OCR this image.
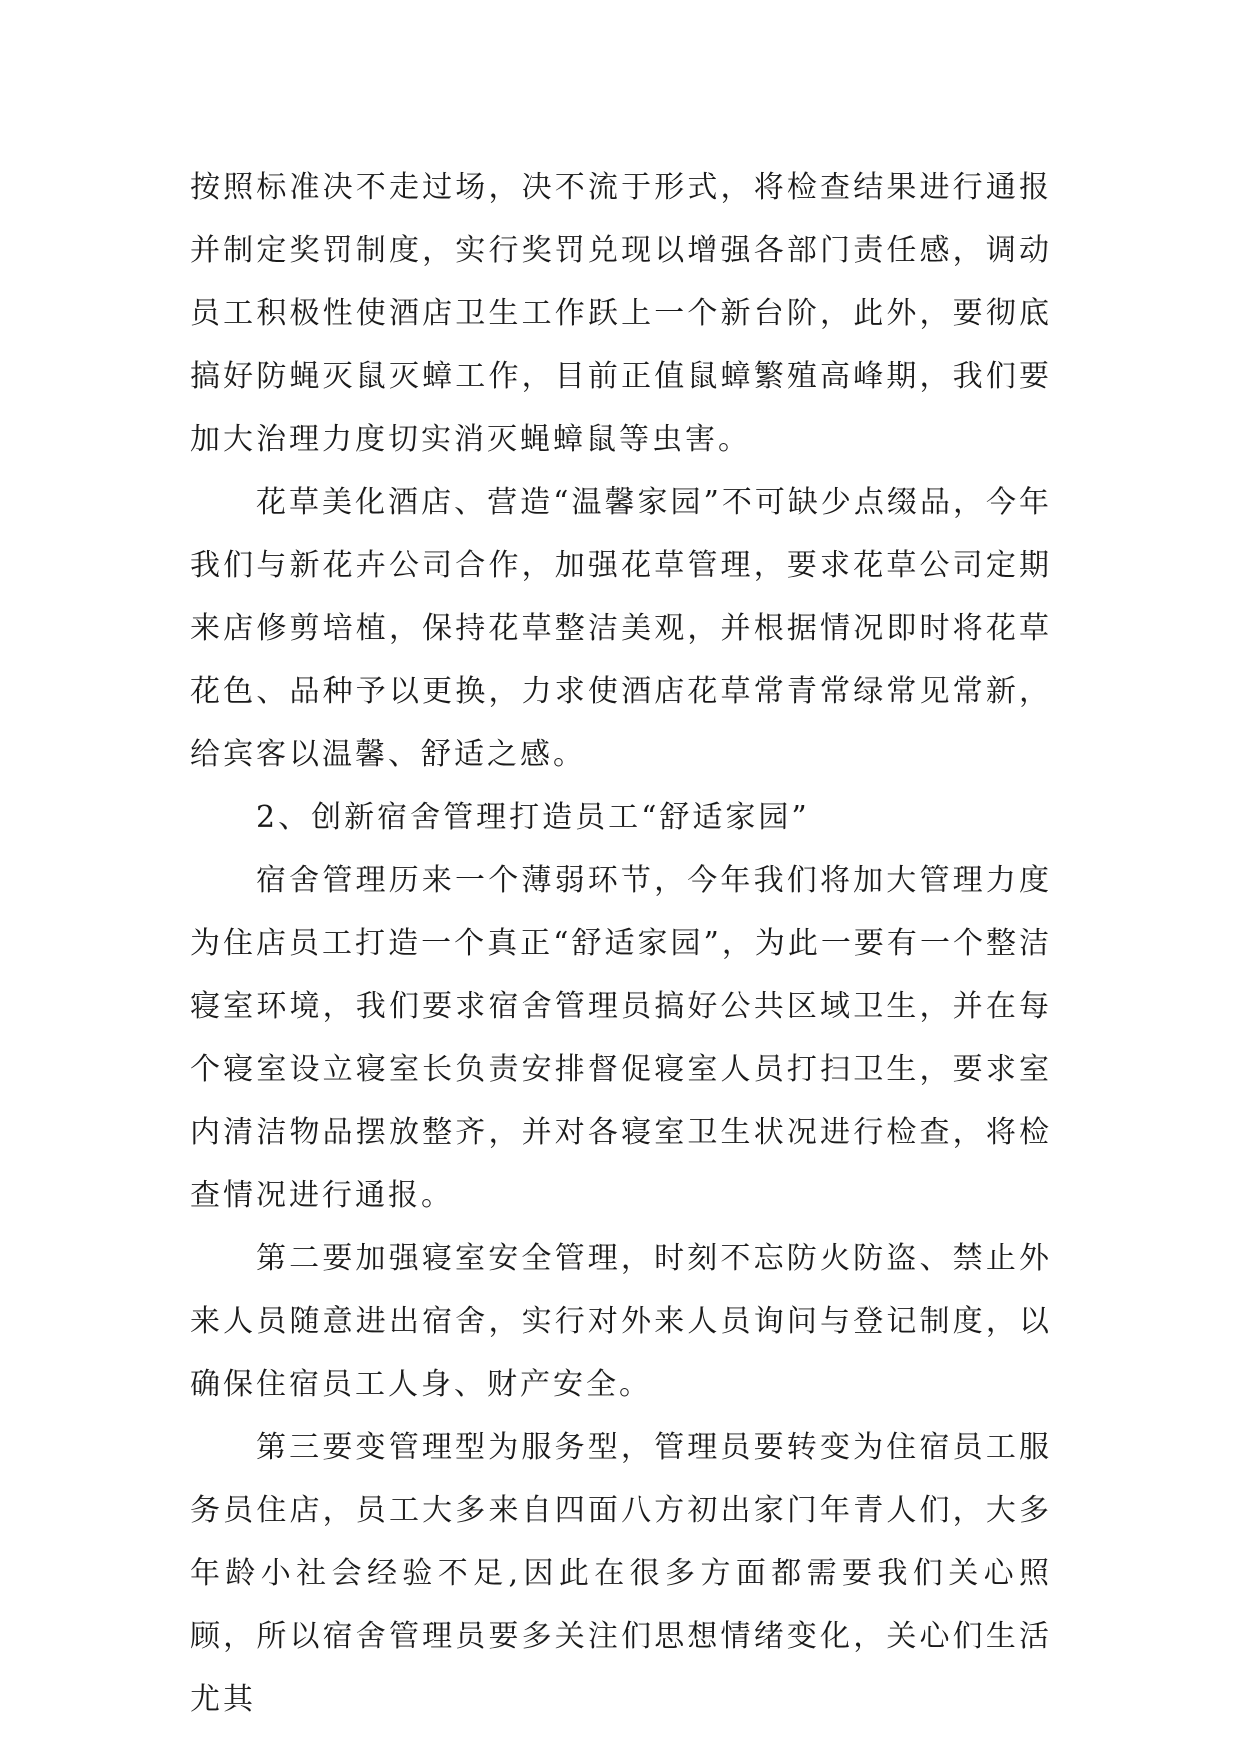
按照标准决不走过场，决不流于形式，将检查结果进行通报并制定奖罚制度，实行奖罚兑现以增强各部门责任感，调动员工积极性使酒店卫生工作跃上一个新台阶，此外，要彻底搞好防蝇灭鼠灭蟑工作，目前正值鼠蟑繁殖高峰期，我们要加大治理力度切实消灭蝇蟑鼠等虫害。

花草美化酒店、营造“温馨家园”不可缺少点缀品，今年我们与新花卉公司合作，加强花草管理，要求花草公司定期来店修剪培植，保持花草整洁美观，并根据情况即时将花草花色、品种予以更换，力求使酒店花草常青常绿常见常新，给宾客以温馨、舒适之感。

2、创新宿舍管理打造员工“舒适家园”

宿舍管理历来一个薄弱环节，今年我们将加大管理力度为住店员工打造一个真正“舒适家园”，为此一要有一个整洁寝室环境，我们要求宿舍管理员搞好公共区域卫生，并在每个寝室设立寝室长负责安排督促寝室人员打扫卫生，要求室内清洁物品摆放整齐，并对各寝室卫生状况进行检查，将检查情况进行通报。

第二要加强寝室安全管理，时刻不忘防火防盗、禁止外来人员随意进出宿舍，实行对外来人员询问与登记制度，以确保住宿员工人身、财产安全。

第三要变管理型为服务型，管理员要转变为住宿员工服务员住店，员工大多来自四面八方初出家门年青人们，大多年龄小社会经验不足,因此在很多方面都需要我们关心照顾，所以宿舍管理员要多关注们思想情绪变化，关心们生活尤其
